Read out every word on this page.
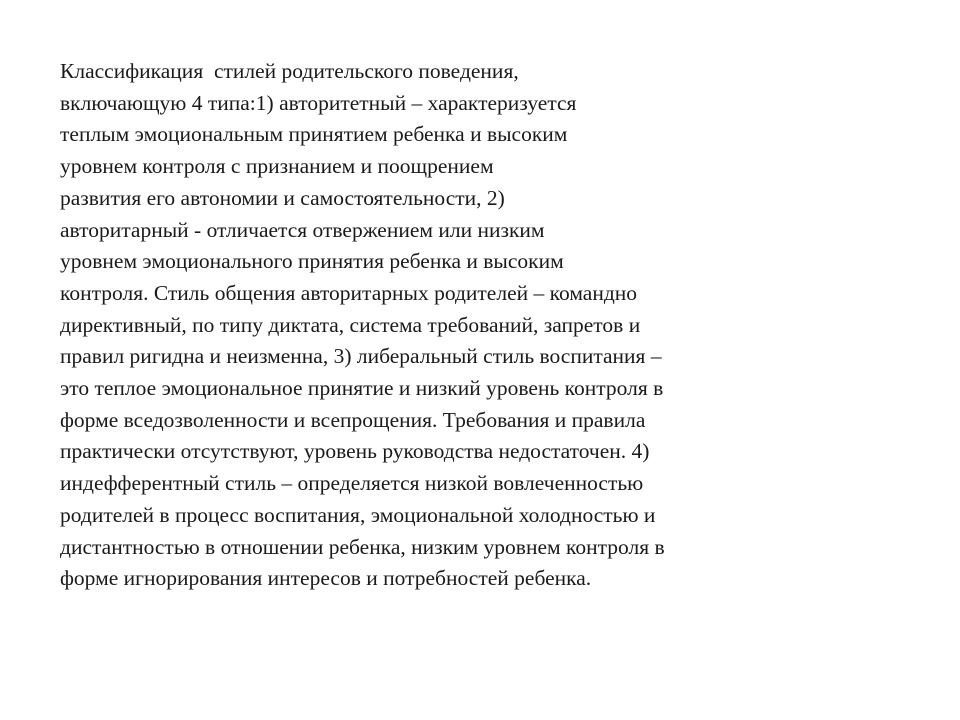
Классификация  стилей родительского поведения,
включающую 4 типа:1) авторитетный – характеризуется
теплым эмоциональным принятием ребенка и высоким
уровнем контроля с признанием и поощрением
развития его автономии и самостоятельности, 2)
авторитарный - отличается отвержением или низким
уровнем эмоционального принятия ребенка и высоким
контроля. Стиль общения авторитарных родителей – командно
директивный, по типу диктата, система требований, запретов и
правил ригидна и неизменна, 3) либеральный стиль воспитания –
это теплое эмоциональное принятие и низкий уровень контроля в
форме вседозволенности и всепрощения. Требования и правила
практически отсутствуют, уровень руководства недостаточен. 4)
индефферентный стиль – определяется низкой вовлеченностью
родителей в процесс воспитания, эмоциональной холодностью и
дистантностью в отношении ребенка, низким уровнем контроля в
форме игнорирования интересов и потребностей ребенка.
